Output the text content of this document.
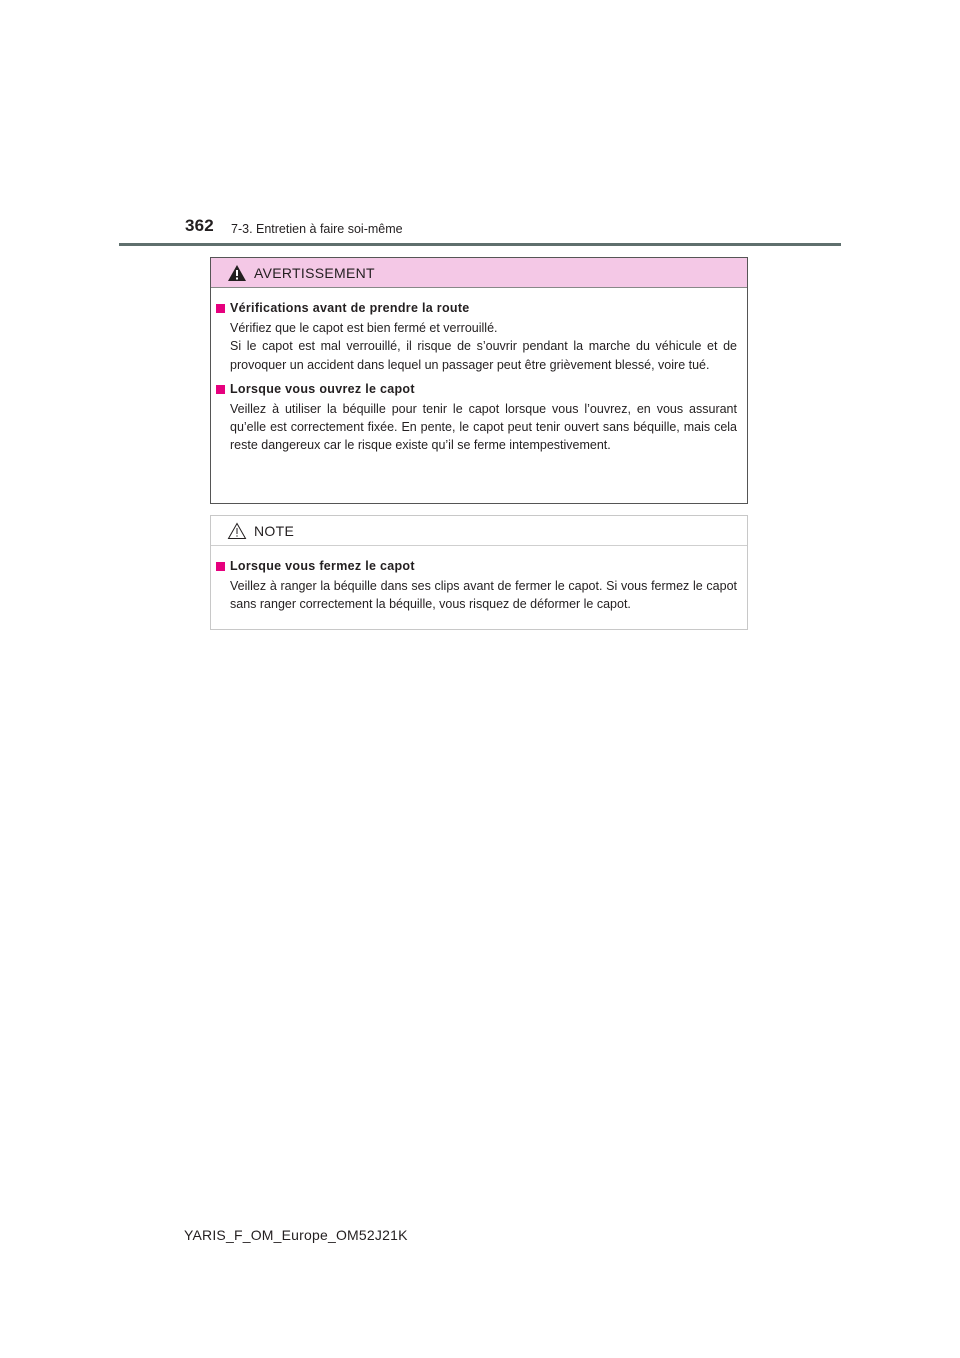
362 7-3. Entretien à faire soi-même
AVERTISSEMENT
Vérifications avant de prendre la route

Vérifiez que le capot est bien fermé et verrouillé.

Si le capot est mal verrouillé, il risque de s’ouvrir pendant la marche du véhicule et de provoquer un accident dans lequel un passager peut être grièvement blessé, voire tué.

Lorsque vous ouvrez le capot

Veillez à utiliser la béquille pour tenir le capot lorsque vous l’ouvrez, en vous assurant qu’elle est correctement fixée. En pente, le capot peut tenir ouvert sans béquille, mais cela reste dangereux car le risque existe qu’il se ferme intempestivement.

NOTE
Lorsque vous fermez le capot

Veillez à ranger la béquille dans ses clips avant de fermer le capot. Si vous fermez le capot sans ranger correctement la béquille, vous risquez de déformer le capot.

YARIS_F_OM_Europe_OM52J21K
